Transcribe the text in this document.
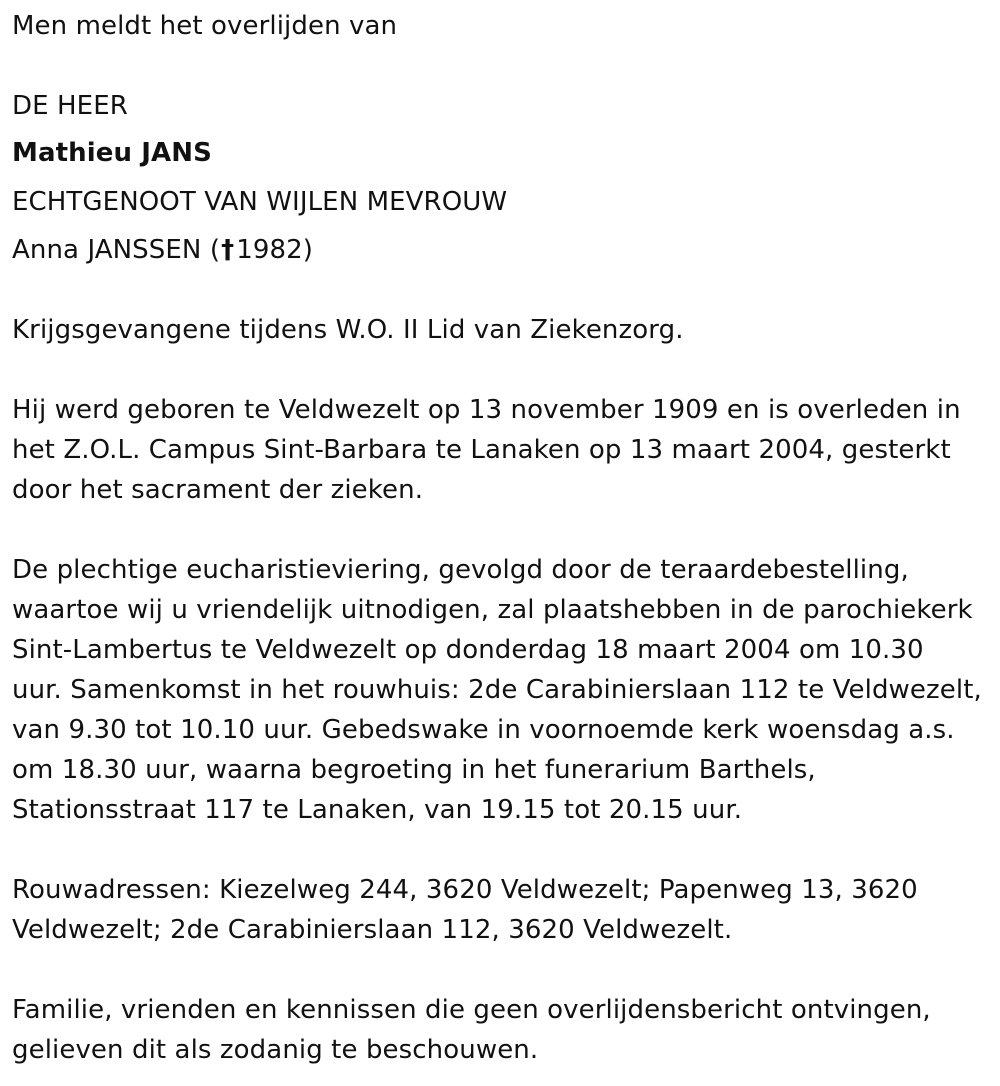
Men meldt het overlijden van

DE HEER

Mathieu JANS

ECHTGENOOT VAN WIJLEN MEVROUW

Anna JANSSEN (†1982)

Krijgsgevangene tijdens W.O. II Lid van Ziekenzorg.

Hij werd geboren te Veldwezelt op 13 november 1909 en is overleden in

het Z.O.L. Campus Sint-Barbara te Lanaken op 13 maart 2004, gesterkt

door het sacrament der zieken.

De plechtige eucharistieviering, gevolgd door de teraardebestelling,

waartoe wij u vriendelijk uitnodigen, zal plaatshebben in de parochiekerk

Sint-Lambertus te Veldwezelt op donderdag 18 maart 2004 om 10.30

uur. Samenkomst in het rouwhuis: 2de Carabinierslaan 112 te Veldwezelt,

van 9.30 tot 10.10 uur. Gebedswake in voornoemde kerk woensdag a.s.

om 18.30 uur, waarna begroeting in het funerarium Barthels,

Stationsstraat 117 te Lanaken, van 19.15 tot 20.15 uur.

Rouwadressen: Kiezelweg 244, 3620 Veldwezelt; Papenweg 13, 3620

Veldwezelt; 2de Carabinierslaan 112, 3620 Veldwezelt.

Familie, vrienden en kennissen die geen overlijdensbericht ontvingen,

gelieven dit als zodanig te beschouwen.
